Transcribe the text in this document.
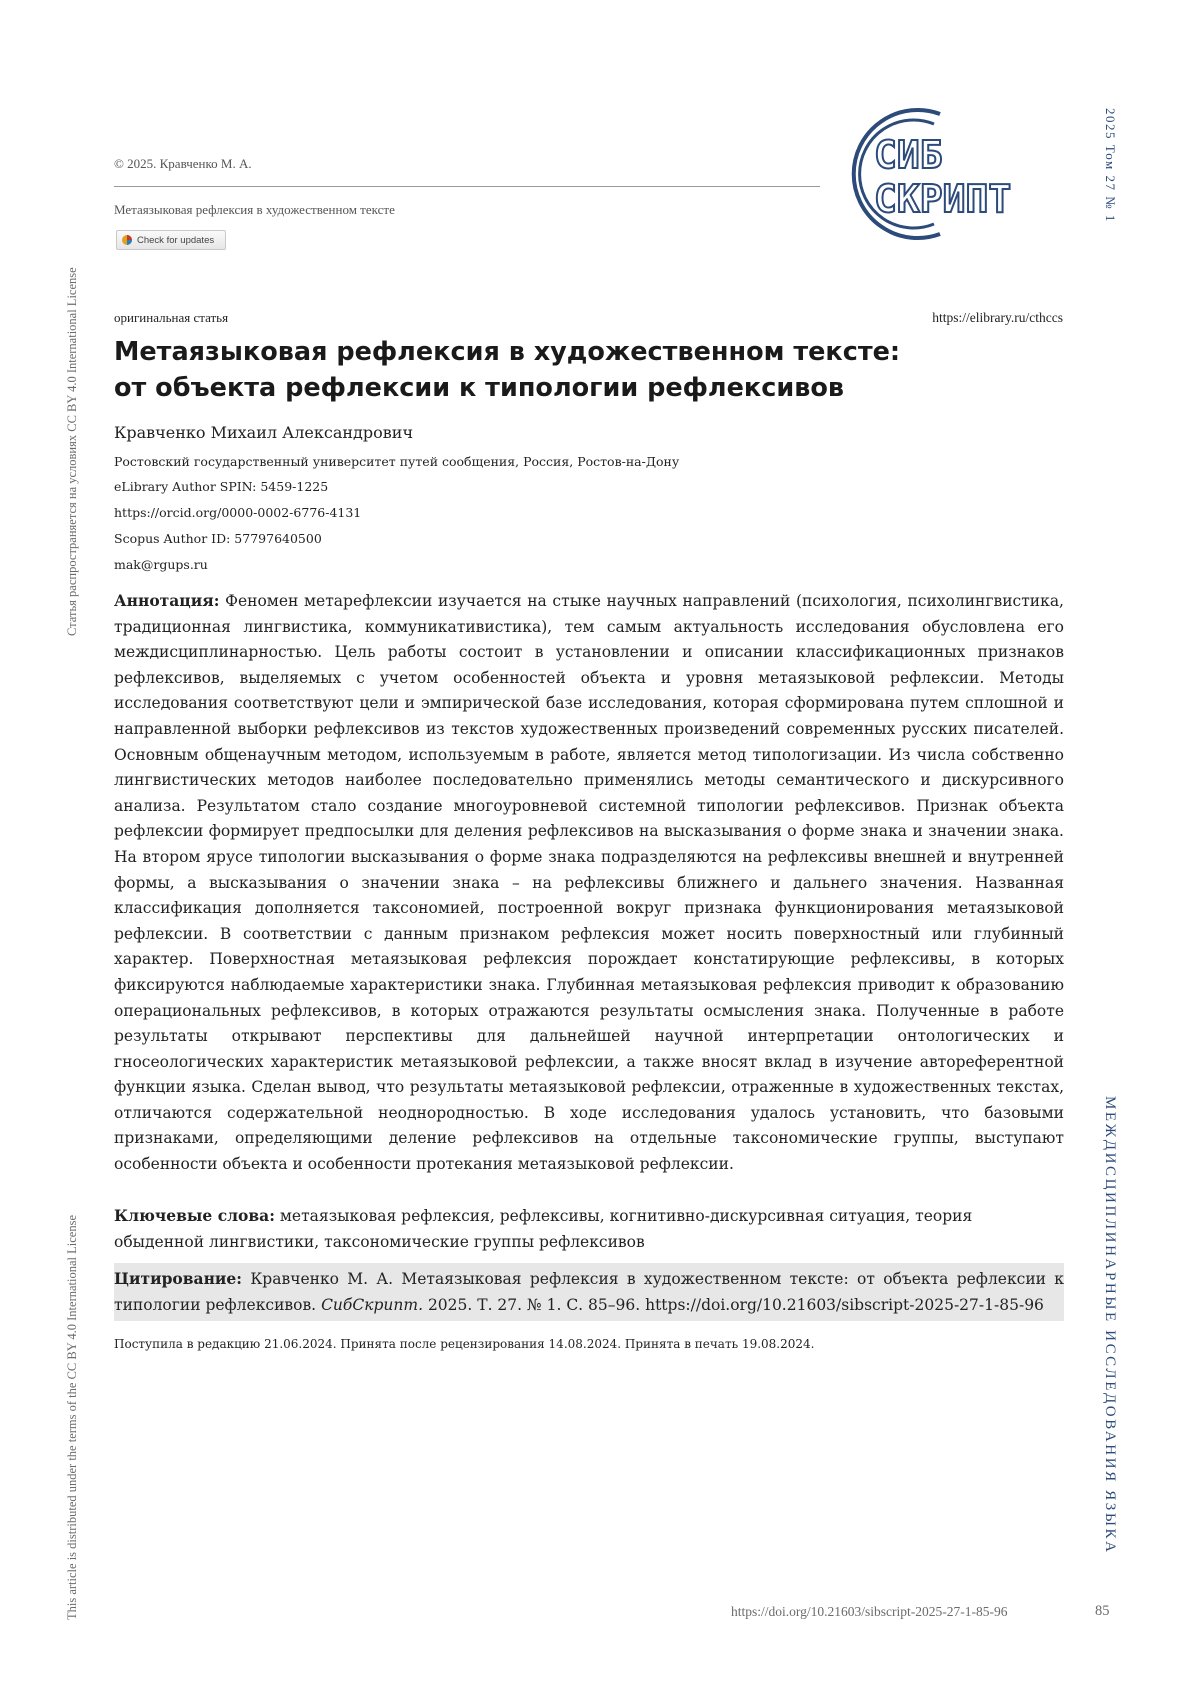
Статья распространяется на условиях CC BY 4.0 International License
This article is distributed under the terms of the CC BY 4.0 International License
2025 Том 27 № 1
МЕЖДИСЦИПЛИНАРНЫЕ ИССЛЕДОВАНИЯ ЯЗЫКА
© 2025. Кравченко М. А.
Метаязыковая рефлексия в художественном тексте
Check for updates
СИБ
СКРИПТ
оригинальная статья	https://elibrary.ru/cthccs
Метаязыковая рефлексия в художественном тексте:
от объекта рефлексии к типологии рефлексивов
Кравченко Михаил Александрович
Ростовский государственный университет путей сообщения, Россия, Ростов-на-Дону
eLibrary Author SPIN: 5459-1225
https://orcid.org/0000-0002-6776-4131
Scopus Author ID: 57797640500
mak@rgups.ru

Аннотация: Феномен метарефлексии изучается на стыке научных направлений (психология, психолингвистика, традиционная лингвистика, коммуникативистика), тем самым актуальность исследования обусловлена его междисциплинарностью. Цель работы состоит в установлении и описании классификационных признаков рефлексивов, выделяемых с учетом особенностей объекта и уровня метаязыковой рефлексии. Методы исследования соответствуют цели и эмпирической базе исследования, которая сформирована путем сплошной и направленной выборки рефлексивов из текстов художественных произведений современных русских писателей. Основным общенаучным методом, используемым в работе, является метод типологизации. Из числа собственно лингвистических методов наиболее последовательно применялись методы семантического и дискурсивного анализа. Результатом стало создание многоуровневой системной типологии рефлексивов. Признак объекта рефлексии формирует предпосылки для деления рефлексивов на высказывания о форме знака и значении знака. На втором ярусе типологии высказывания о форме знака подразделяются на рефлексивы внешней и внутренней формы, а высказывания о значении знака – на рефлексивы ближнего и дальнего значения. Названная классификация дополняется таксономией, построенной вокруг признака функционирования метаязыковой рефлексии. В соответствии с данным признаком рефлексия может носить поверхностный или глубинный характер. Поверхностная метаязыковая рефлексия порождает констатирующие рефлексивы, в которых фиксируются наблюдаемые характеристики знака. Глубинная метаязыковая рефлексия приводит к образованию операциональных рефлексивов, в которых отражаются результаты осмысления знака. Полученные в работе результаты открывают перспективы для дальнейшей научной интерпретации онтологических и гносеологических характеристик метаязыковой рефлексии, а также вносят вклад в изучение автореферентной функции языка. Сделан вывод, что результаты метаязыковой рефлексии, отраженные в художественных текстах, отличаются содержательной неоднородностью. В ходе исследования удалось установить, что базовыми признаками, определяющими деление рефлексивов на отдельные таксономические группы, выступают особенности объекта и особенности протекания метаязыковой рефлексии.

Ключевые слова: метаязыковая рефлексия, рефлексивы, когнитивно-дискурсивная ситуация, теория обыденной лингвистики, таксономические группы рефлексивов

Цитирование: Кравченко М. А. Метаязыковая рефлексия в художественном тексте: от объекта рефлексии к типологии рефлексивов. СибСкрипт. 2025. Т. 27. № 1. С. 85–96. https://doi.org/10.21603/sibscript-2025-27-1-85-96
Поступила в редакцию 21.06.2024. Принята после рецензирования 14.08.2024. Принята в печать 19.08.2024.
https://doi.org/10.21603/sibscript-2025-27-1-85-96	85
